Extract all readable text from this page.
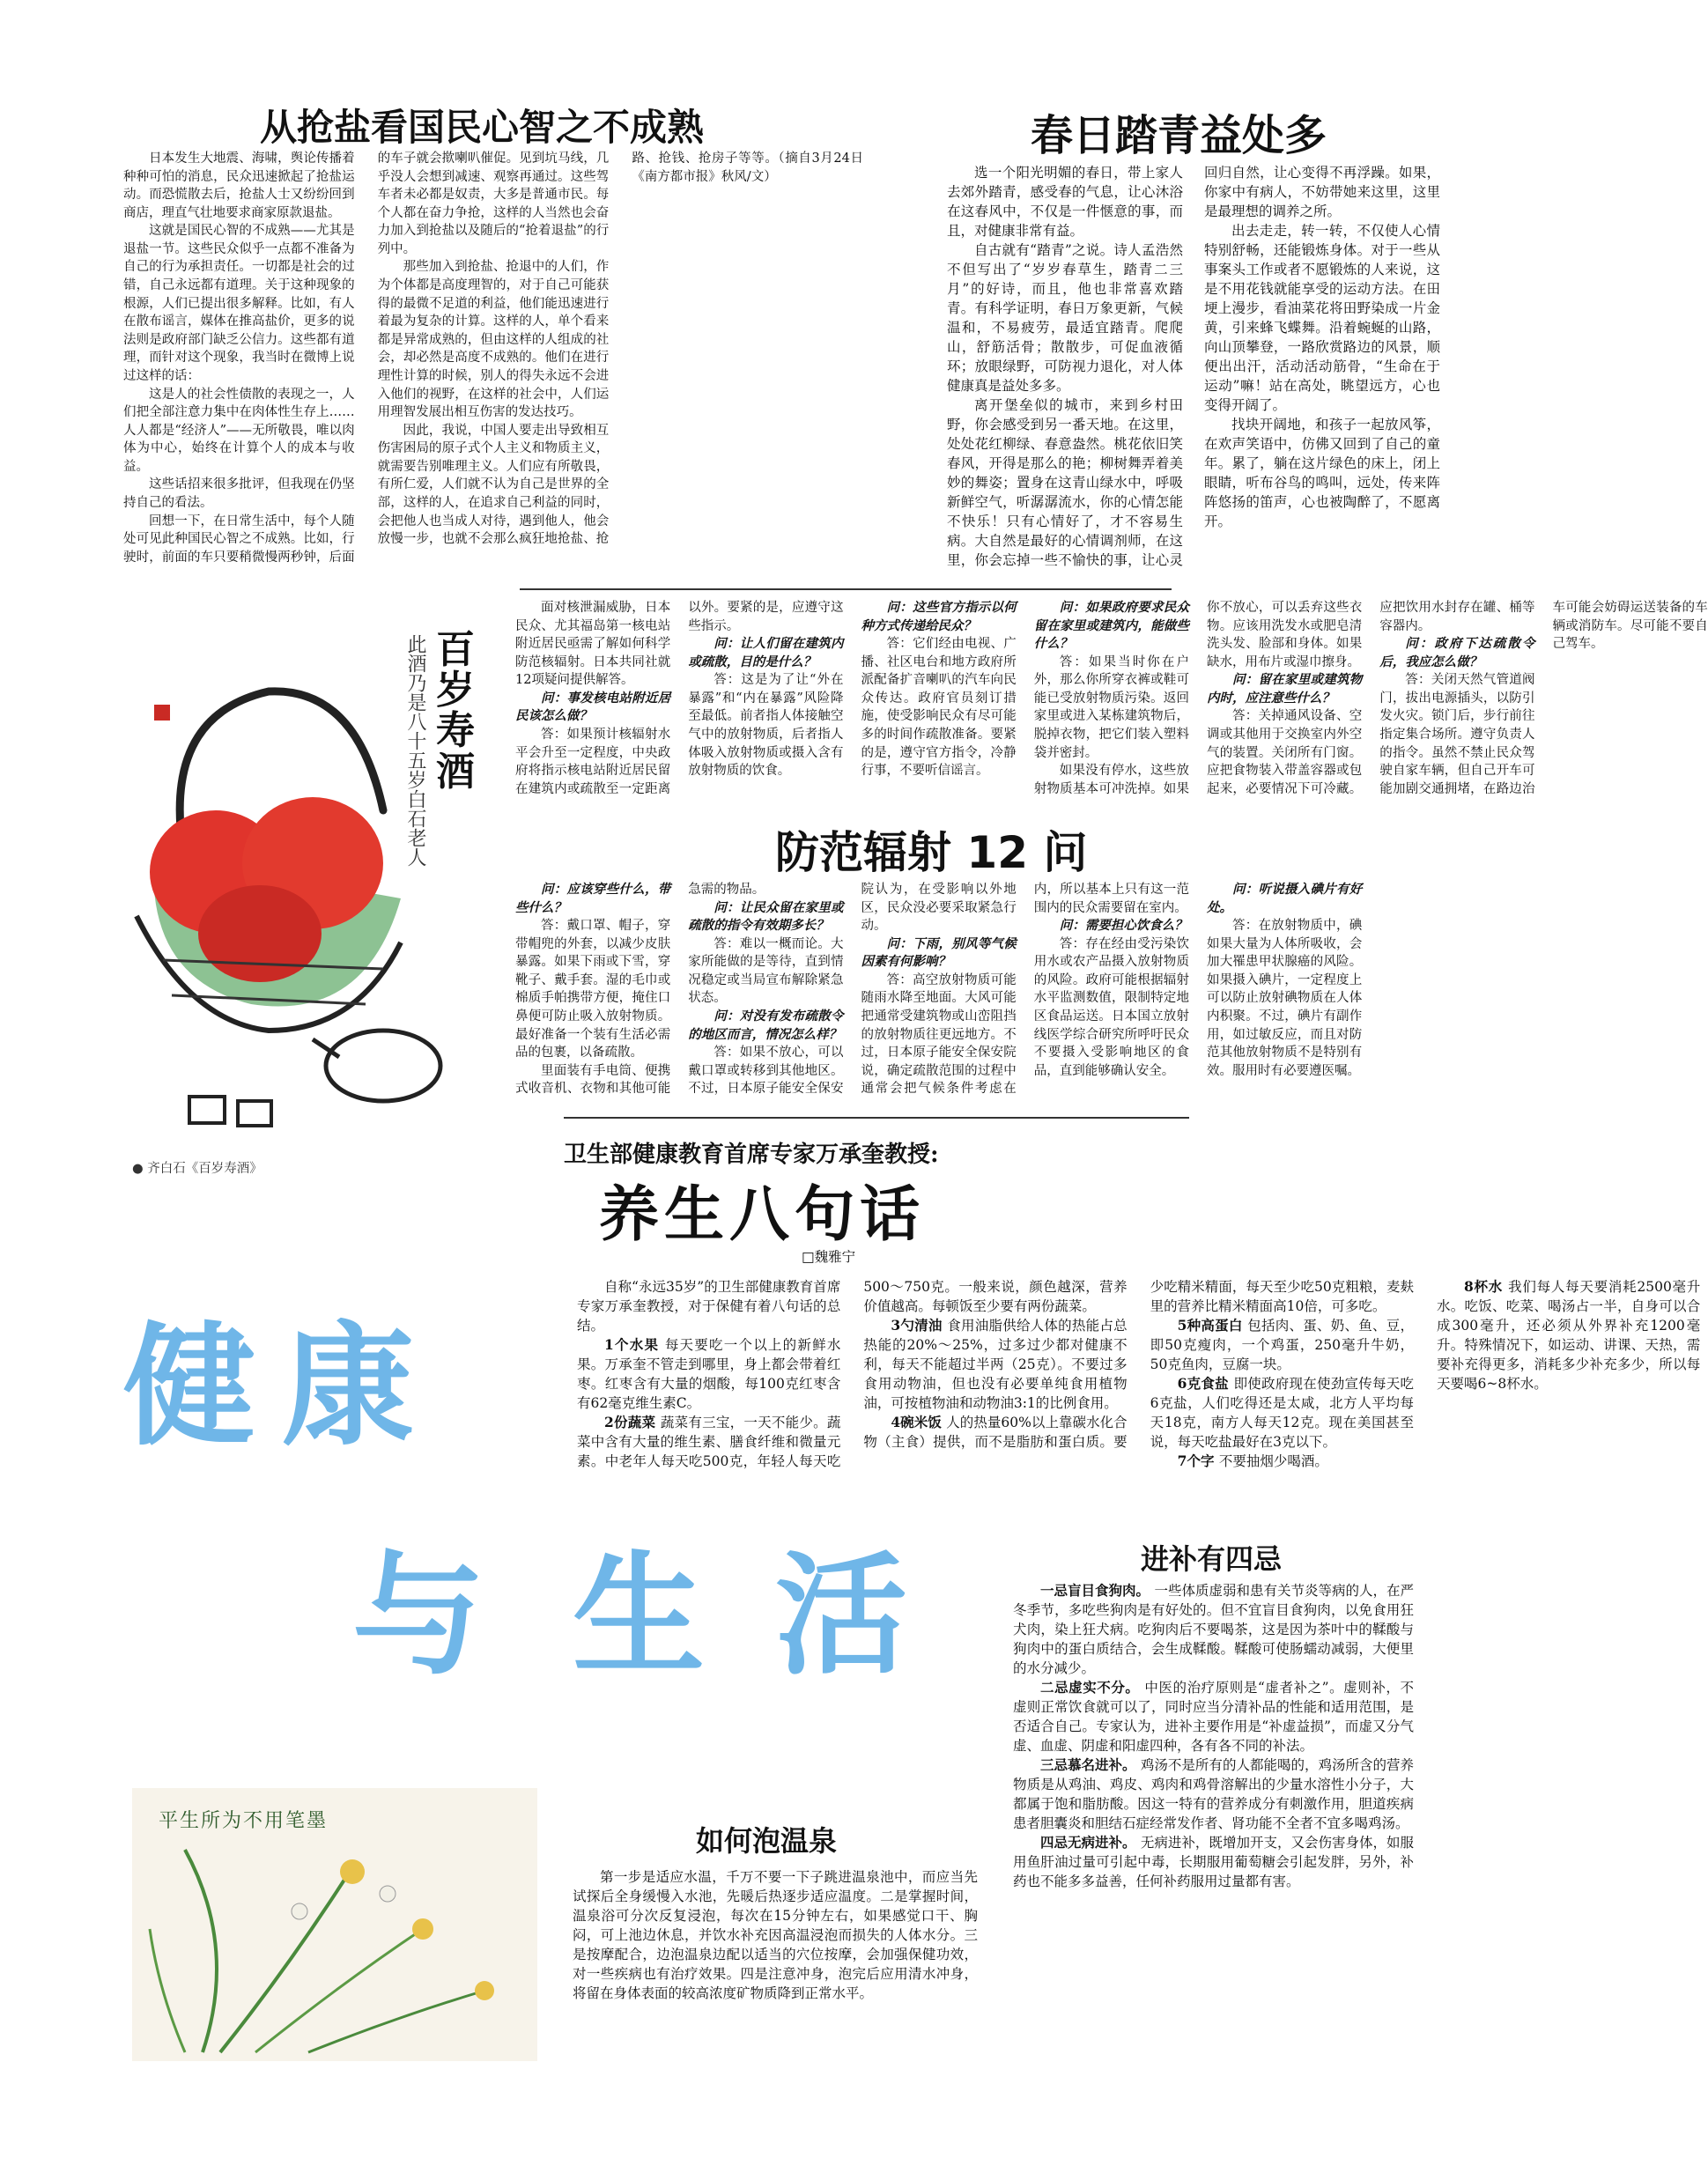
从抢盐看国民心智之不成熟

日本发生大地震、海啸，舆论传播着种种可怕的消息，民众迅速掀起了抢盐运动。而恐慌散去后，抢盐人士又纷纷回到商店，理直气壮地要求商家原款退盐。

这就是国民心智的不成熟——尤其是退盐一节。这些民众似乎一点都不准备为自己的行为承担责任。一切都是社会的过错，自己永远都有道理。关于这种现象的根源，人们已提出很多解释。比如，有人在散布谣言，媒体在推高盐价，更多的说法则是政府部门缺乏公信力。这些都有道理，而针对这个现象，我当时在微博上说过这样的话：

这是人的社会性债散的表现之一，人们把全部注意力集中在肉体性生存上……人人都是“经济人”——无所敬畏，唯以肉体为中心，始终在计算个人的成本与收益。

这些话招来很多批评，但我现在仍坚持自己的看法。

回想一下，在日常生活中，每个人随处可见此种国民心智之不成熟。比如，行驶时，前面的车只要稍微慢两秒钟，后面的车子就会揿喇叭催促。见到坑马线，几乎没人会想到减速、观察再通过。这些驾车者未必都是奴责，大多是普通市民。每个人都在奋力争抢，这样的人当然也会奋力加入到抢盐以及随后的“抢着退盐”的行列中。

那些加入到抢盐、抢退中的人们，作为个体都是高度理智的，对于自己可能获得的最微不足道的利益，他们能迅速进行着最为复杂的计算。这样的人，单个看来都是异常成熟的，但由这样的人组成的社会，却必然是高度不成熟的。他们在进行理性计算的时候，别人的得失永远不会进入他们的视野，在这样的社会中，人们运用理智发展出相互伤害的发达技巧。

因此，我说，中国人要走出导致相互伤害困局的原子式个人主义和物质主义，就需要告别唯理主义。人们应有所敬畏，有所仁爱，人们就不认为自己是世界的全部，这样的人，在追求自己利益的同时，会把他人也当成人对待，遇到他人，他会放慢一步，也就不会那么疯狂地抢盐、抢路、抢钱、抢房子等等。（摘自3月24日《南方都市报》秋风/文）

春日踏青益处多

选一个阳光明媚的春日，带上家人去郊外踏青，感受春的气息，让心沐浴在这春风中，不仅是一件惬意的事，而且，对健康非常有益。

自古就有“踏青”之说。诗人孟浩然不但写出了“岁岁春草生，踏青二三月”的好诗，而且，他也非常喜欢踏青。有科学证明，春日万象更新，气候温和，不易疲劳，最适宜踏青。爬爬山，舒筋活骨；散散步，可促血液循环；放眼绿野，可防视力退化，对人体健康真是益处多多。

离开堡垒似的城市，来到乡村田野，你会感受到另一番天地。在这里，处处花红柳绿、春意盎然。桃花依旧笑春风，开得是那么的艳；柳树舞弄着美妙的舞姿；置身在这青山绿水中，呼吸新鲜空气，听潺潺流水，你的心情怎能不快乐！只有心情好了，才不容易生病。大自然是最好的心情调剂师，在这里，你会忘掉一些不愉快的事，让心灵回归自然，让心变得不再浮躁。如果，你家中有病人，不妨带她来这里，这里是最理想的调养之所。

出去走走，转一转，不仅使人心情特别舒畅，还能锻炼身体。对于一些从事案头工作或者不愿锻炼的人来说，这是不用花钱就能享受的运动方法。在田埂上漫步，看油菜花将田野染成一片金黄，引来蜂飞蝶舞。沿着蜿蜒的山路，向山顶攀登，一路欣赏路边的风景，顺便出出汗，活动活动筋骨，“生命在于运动”嘛！站在高处，眺望远方，心也变得开阔了。

找块开阔地，和孩子一起放风筝，在欢声笑语中，仿佛又回到了自己的童年。累了，躺在这片绿色的床上，闭上眼睛，听布谷鸟的鸣叫，远处，传来阵阵悠扬的笛声，心也被陶醉了，不愿离开。

百岁寿酒
此酒乃是八十五岁白石老人
● 齐白石《百岁寿酒》

面对核泄漏威胁，日本民众、尤其福岛第一核电站附近居民亟需了解如何科学防范核辐射。日本共同社就12项疑问提供解答。

问：事发核电站附近居民该怎么做？

答：如果预计核辐射水平会升至一定程度，中央政府将指示核电站附近居民留在建筑内或疏散至一定距离以外。要紧的是，应遵守这些指示。

问：让人们留在建筑内或疏散，目的是什么？

答：这是为了让“外在暴露”和“内在暴露”风险降至最低。前者指人体接触空气中的放射物质，后者指人体吸入放射物质或摄入含有放射物质的饮食。

问：这些官方指示以何种方式传递给民众？

答：它们经由电视、广播、社区电台和地方政府所派配备扩音喇叭的汽车向民众传达。政府官员刻订措施，使受影响民众有尽可能多的时间作疏散准备。要紧的是，遵守官方指令，冷静行事，不要听信谣言。

问：如果政府要求民众留在家里或建筑内，能做些什么？

答：如果当时你在户外，那么你所穿衣裤或鞋可能已受放射物质污染。返回家里或进入某栋建筑物后，脱掉衣物，把它们装入塑料袋并密封。

如果没有停水，这些放射物质基本可冲洗掉。如果你不放心，可以丢弃这些衣物。应该用洗发水或肥皂清洗头发、脸部和身体。如果缺水，用布片或湿巾擦身。

问：留在家里或建筑物内时，应注意些什么？

答：关掉通风设备、空调或其他用于交换室内外空气的装置。关闭所有门窗。应把食物装入带盖容器或包起来，必要情况下可冷藏。应把饮用水封存在罐、桶等容器内。

问：政府下达疏散令后，我应怎么做？

答：关闭天然气管道阀门，拔出电源插头，以防引发火灾。锁门后，步行前往指定集合场所。遵守负责人的指令。虽然不禁止民众驾驶自家车辆，但自己开车可能加剧交通拥堵，在路边治车可能会妨碍运送装备的车辆或消防车。尽可能不要自己驾车。

防范辐射 12 问

问：应该穿些什么，带些什么？

答：戴口罩、帽子，穿带帽兜的外套，以减少皮肤暴露。如果下雨或下雪，穿靴子、戴手套。湿的毛巾或棉质手帕携带方便，掩住口鼻便可防止吸入放射物质。最好准备一个装有生活必需品的包裹，以备疏散。

里面装有手电筒、便携式收音机、衣物和其他可能急需的物品。

问：让民众留在家里或疏散的指令有效期多长？

答：难以一概而论。大家所能做的是等待，直到情况稳定或当局宣布解除紧急状态。

问：对没有发布疏散令的地区而言，情况怎么样？

答：如果不放心，可以戴口罩或转移到其他地区。不过，日本原子能安全保安院认为，在受影响以外地区，民众没必要采取紧急行动。

问：下雨，别风等气候因素有何影响？

答：高空放射物质可能随雨水降至地面。大风可能把通常受建筑物或山峦阻挡的放射物质往更远地方。不过，日本原子能安全保安院说，确定疏散范围的过程中通常会把气候条件考虑在内，所以基本上只有这一范围内的民众需要留在室内。

问：需要担心饮食么？

答：存在经由受污染饮用水或农产品摄入放射物质的风险。政府可能根据辐射水平监测数值，限制特定地区食品运送。日本国立放射线医学综合研究所呼吁民众不要摄入受影响地区的食品，直到能够确认安全。

问：听说摄入碘片有好处。

答：在放射物质中，碘如果大量为人体所吸收，会加大罹患甲状腺癌的风险。如果摄入碘片，一定程度上可以防止放射碘物质在人体内积聚。不过，碘片有副作用，如过敏反应，而且对防范其他放射物质不是特别有效。服用时有必要遵医嘱。

卫生部健康教育首席专家万承奎教授:
养生八句话
□魏雅宁

自称“永远35岁”的卫生部健康教育首席专家万承奎教授，对于保健有着八句话的总结。

1个水果 每天要吃一个以上的新鲜水果。万承奎不管走到哪里，身上都会带着红枣。红枣含有大量的烟酸，每100克红枣含有62毫克维生素C。

2份蔬菜 蔬菜有三宝，一天不能少。蔬菜中含有大量的维生素、膳食纤维和微量元素。中老年人每天吃500克，年轻人每天吃500～750克。一般来说，颜色越深，营养价值越高。每顿饭至少要有两份蔬菜。

3勺清油 食用油脂供给人体的热能占总热能的20%～25%，过多过少都对健康不利，每天不能超过半两（25克）。不要过多食用动物油，但也没有必要单纯食用植物油，可按植物油和动物油3:1的比例食用。

4碗米饭 人的热量60%以上靠碳水化合物（主食）提供，而不是脂肪和蛋白质。要少吃精米精面，每天至少吃50克粗粮，麦麸里的营养比精米精面高10倍，可多吃。

5种高蛋白 包括肉、蛋、奶、鱼、豆，即50克瘦肉，一个鸡蛋，250毫升牛奶，50克鱼肉，豆腐一块。

6克食盐 即使政府现在使劲宣传每天吃6克盐，人们吃得还是太咸，北方人平均每天18克，南方人每天12克。现在美国甚至说，每天吃盐最好在3克以下。

7个字 不要抽烟少喝酒。

8杯水 我们每人每天要消耗2500毫升水。吃饭、吃菜、喝汤占一半，自身可以合成300毫升，还必须从外界补充1200毫升。特殊情况下，如运动、讲课、天热，需要补充得更多，消耗多少补充多少，所以每天要喝6~8杯水。

健 康
与 生 活	进补有四忌

一忌盲目食狗肉。 一些体质虚弱和患有关节炎等病的人，在严冬季节，多吃些狗肉是有好处的。但不宜盲目食狗肉，以免食用狂犬肉，染上狂犬病。吃狗肉后不要喝茶，这是因为茶叶中的鞣酸与狗肉中的蛋白质结合，会生成鞣酸。鞣酸可使肠蠕动减弱，大便里的水分减少。

二忌虚实不分。 中医的治疗原则是“虚者补之”。虚则补，不虚则正常饮食就可以了，同时应当分清补品的性能和适用范围，是否适合自己。专家认为，进补主要作用是“补虚益损”，而虚又分气虚、血虚、阴虚和阳虚四种，各有各不同的补法。

三忌慕名进补。 鸡汤不是所有的人都能喝的，鸡汤所含的营养物质是从鸡油、鸡皮、鸡肉和鸡骨溶解出的少量水溶性小分子，大都属于饱和脂肪酸。因这一特有的营养成分有刺激作用，胆道疾病患者胆囊炎和胆结石症经常发作者、肾功能不全者不宜多喝鸡汤。

四忌无病进补。 无病进补，既增加开支，又会伤害身体，如服用鱼肝油过量可引起中毒，长期服用葡萄糖会引起发胖，另外，补药也不能多多益善，任何补药服用过量都有害。

平生所为不用笔墨
如何泡温泉

第一步是适应水温，千万不要一下子跳进温泉池中，而应当先试探后全身缓慢入水池，先暖后热逐步适应温度。二是掌握时间，温泉浴可分次反复浸泡，每次在15分钟左右，如果感觉口干、胸闷，可上池边休息，并饮水补充因高温浸泡而损失的人体水分。三是按摩配合，边泡温泉边配以适当的穴位按摩，会加强保健功效，对一些疾病也有治疗效果。四是注意冲身，泡完后应用清水冲身，将留在身体表面的较高浓度矿物质降到正常水平。
